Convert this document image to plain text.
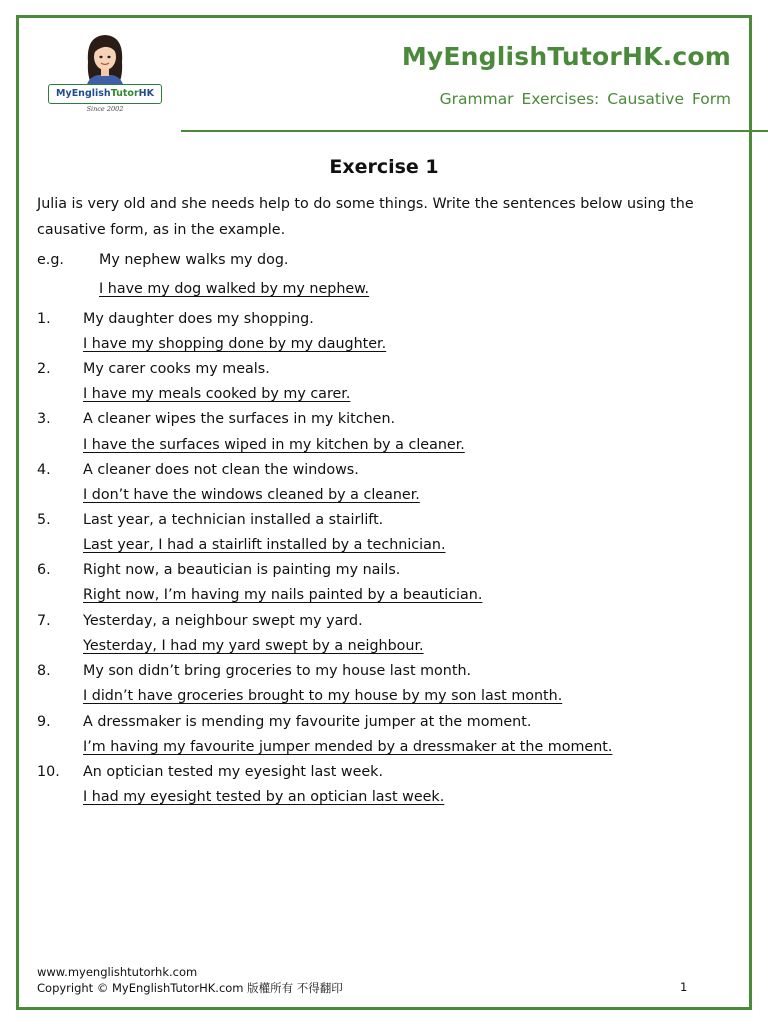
MyEnglishTutorHK
Since 2002
MyEnglishTutorHK.com
Grammar Exercises: Causative Form
Exercise 1
Julia is very old and she needs help to do some things. Write the sentences below using the causative form, as in the example.
e.g. My nephew walks my dog.
I have my dog walked by my nephew.
1. My daughter does my shopping.
I have my shopping done by my daughter.
2. My carer cooks my meals.
I have my meals cooked by my carer.
3. A cleaner wipes the surfaces in my kitchen.
I have the surfaces wiped in my kitchen by a cleaner.
4. A cleaner does not clean the windows.
I don’t have the windows cleaned by a cleaner.
5. Last year, a technician installed a stairlift.
Last year, I had a stairlift installed by a technician.
6. Right now, a beautician is painting my nails.
Right now, I’m having my nails painted by a beautician.
7. Yesterday, a neighbour swept my yard.
Yesterday, I had my yard swept by a neighbour.
8. My son didn’t bring groceries to my house last month.
I didn’t have groceries brought to my house by my son last month.
9. A dressmaker is mending my favourite jumper at the moment.
I’m having my favourite jumper mended by a dressmaker at the moment.
10. An optician tested my eyesight last week.
I had my eyesight tested by an optician last week.
www.myenglishtutorhk.com
Copyright © MyEnglishTutorHK.com 版權所有 不得翻印	1
